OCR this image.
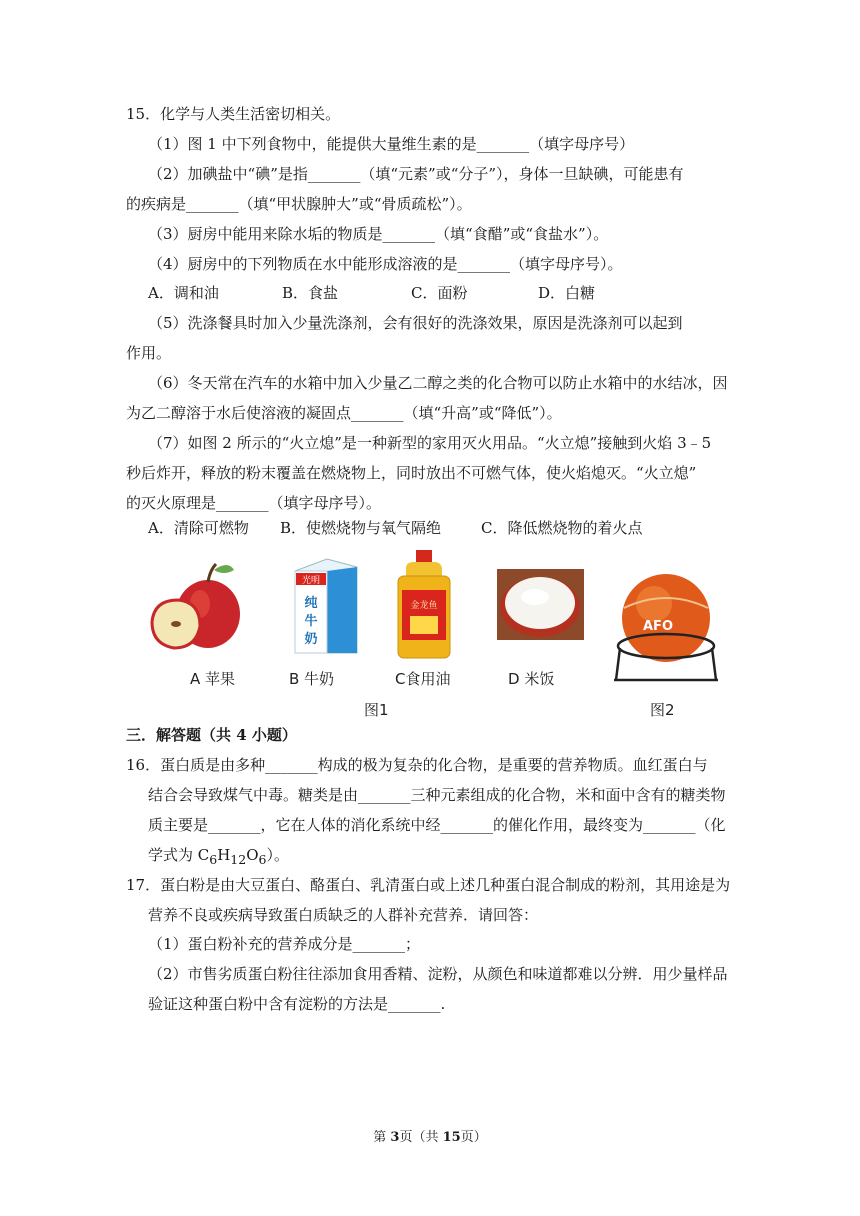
15．化学与人类生活密切相关。
（1）图 1 中下列食物中，能提供大量维生素的是_______（填字母序号）
（2）加碘盐中“碘”是指_______（填“元素”或“分子”），身体一旦缺碘，可能患有
的疾病是_______（填“甲状腺肿大”或“骨质疏松”）。
（3）厨房中能用来除水垢的物质是_______（填“食醋”或“食盐水”）。
（4）厨房中的下列物质在水中能形成溶液的是_______（填字母序号）。
A．调和油	B．食盐	C．面粉	D．白糖
（5）洗涤餐具时加入少量洗涤剂，会有很好的洗涤效果，原因是洗涤剂可以起到
作用。
（6）冬天常在汽车的水箱中加入少量乙二醇之类的化合物可以防止水箱中的水结冰，因
为乙二醇溶于水后使溶液的凝固点_______（填“升高”或“降低”）。
（7）如图 2 所示的“火立熄”是一种新型的家用灭火用品。“火立熄”接触到火焰 3﹣5
秒后炸开，释放的粉末覆盖在燃烧物上，同时放出不可燃气体，使火焰熄灭。“火立熄”
的灭火原理是_______（填字母序号）。
A．清除可燃物 B．使燃烧物与氧气隔绝	C．降低燃烧物的着火点
光明
纯
牛
奶
金龙鱼
A 苹果	B 牛奶	C食用油	D 米饭
图1
AFO
图2
三．解答题（共 4 小题）
16．蛋白质是由多种_______构成的极为复杂的化合物，是重要的营养物质。血红蛋白与
结合会导致煤气中毒。糖类是由_______三种元素组成的化合物，米和面中含有的糖类物
质主要是_______，它在人体的消化系统中经_______的催化作用，最终变为_______（化
学式为 $C_6H_{12}O_6$）。
17．蛋白粉是由大豆蛋白、酪蛋白、乳清蛋白或上述几种蛋白混合制成的粉剂，其用途是为
营养不良或疾病导致蛋白质缺乏的人群补充营养．请回答：
（1）蛋白粉补充的营养成分是_______；
（2）市售劣质蛋白粉往往添加食用香精、淀粉，从颜色和味道都难以分辨．用少量样品
验证这种蛋白粉中含有淀粉的方法是_______.
第 3页（共 15页）
